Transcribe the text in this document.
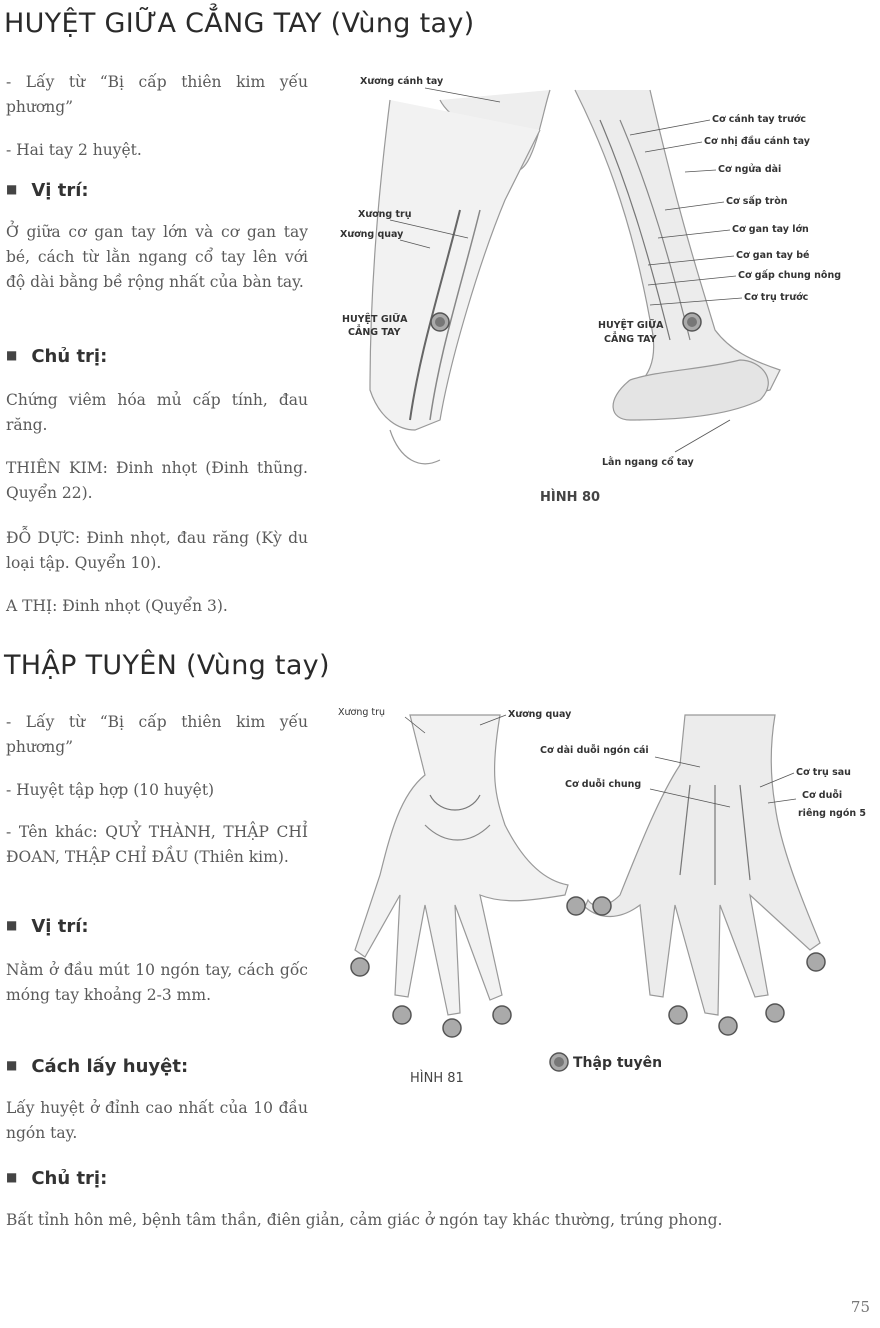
HUYỆT GIỮA CẲNG TAY (Vùng tay)

- Lấy từ “Bị cấp thiên kim yếu phương”

- Hai tay 2 huyệt.

■ Vị trí:

Ở giữa cơ gan tay lớn và cơ gan tay bé, cách từ lằn ngang cổ tay lên với độ dài bằng bề rộng nhất của bàn tay.

■ Chủ trị:

Chứng viêm hóa mủ cấp tính, đau răng.

THIÊN KIM: Đinh nhọt (Đinh thũng. Quyển 22).

ĐỖ DỰC: Đinh nhọt, đau răng (Kỳ du loại tập. Quyển 10).

A THỊ: Đinh nhọt (Quyển 3).

Xương cánh tay
Xương trụ
Xương quay
HUYỆT GIỮA
CẲNG TAY
Cơ cánh tay trước
Cơ nhị đầu cánh tay
Cơ ngửa dài
Cơ sấp tròn
Cơ gan tay lớn
Cơ gan tay bé
Cơ gấp chung nông
Cơ trụ trước
HUYỆT GIỮA
CẲNG TAY
Lằn ngang cổ tay
HÌNH 80
THẬP TUYÊN (Vùng tay)

- Lấy từ “Bị cấp thiên kim yếu phương”

- Huyệt tập hợp (10 huyệt)

- Tên khác: QUỶ THÀNH, THẬP CHỈ ĐOAN, THẬP CHỈ ĐẦU (Thiên kim).

■ Vị trí:

Nằm ở đầu mút 10 ngón tay, cách gốc móng tay khoảng 2-3 mm.

■ Cách lấy huyệt:

Lấy huyệt ở đỉnh cao nhất của 10 đầu ngón tay.

■ Chủ trị:

Bất tỉnh hôn mê, bệnh tâm thần, điên giản, cảm giác ở ngón tay khác thường, trúng phong.

Xương trụ	Xương quay
Cơ dài duỗi ngón cái
Cơ duỗi chung
Cơ trụ sau
Cơ duỗi
riêng ngón 5
HÌNH 81
Thập tuyên
75
